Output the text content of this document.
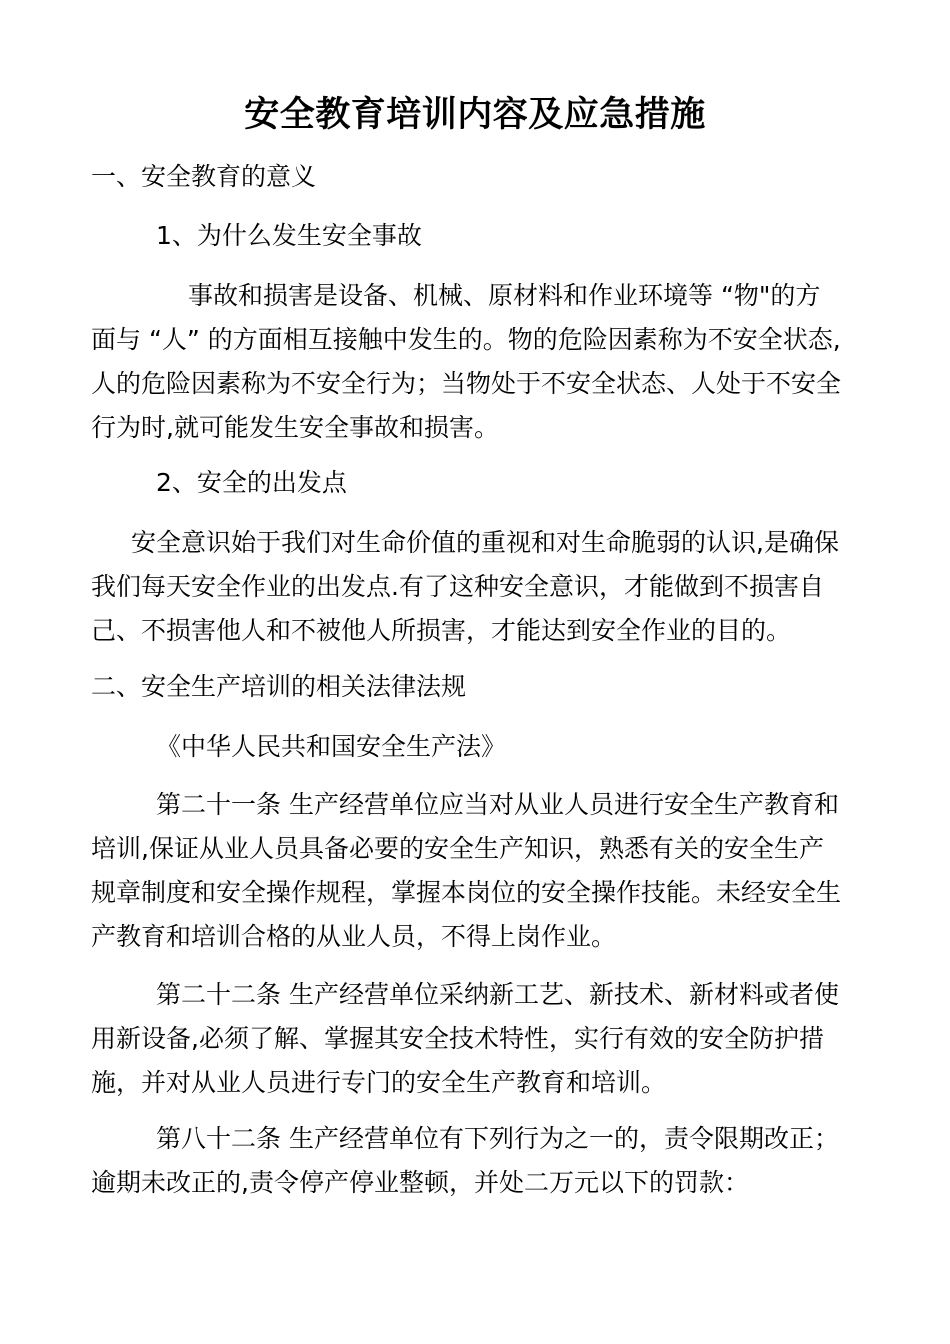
安全教育培训内容及应急措施
一、安全教育的意义
1、为什么发生安全事故
事故和损害是设备、机械、原材料和作业环境等 “物"的方
面与 “人” 的方面相互接触中发生的。物的危险因素称为不安全状态,
人的危险因素称为不安全行为；当物处于不安全状态、人处于不安全
行为时,就可能发生安全事故和损害。
2、安全的出发点
安全意识始于我们对生命价值的重视和对生命脆弱的认识,是确保
我们每天安全作业的出发点.有了这种安全意识，才能做到不损害自
己、不损害他人和不被他人所损害，才能达到安全作业的目的。
二、安全生产培训的相关法律法规
《中华人民共和国安全生产法》
第二十一条 生产经营单位应当对从业人员进行安全生产教育和
培训,保证从业人员具备必要的安全生产知识，熟悉有关的安全生产
规章制度和安全操作规程，掌握本岗位的安全操作技能。未经安全生
产教育和培训合格的从业人员，不得上岗作业。
第二十二条 生产经营单位采纳新工艺、新技术、新材料或者使
用新设备,必须了解、掌握其安全技术特性，实行有效的安全防护措
施，并对从业人员进行专门的安全生产教育和培训。
第八十二条 生产经营单位有下列行为之一的，责令限期改正；
逾期未改正的,责令停产停业整顿，并处二万元以下的罚款：
